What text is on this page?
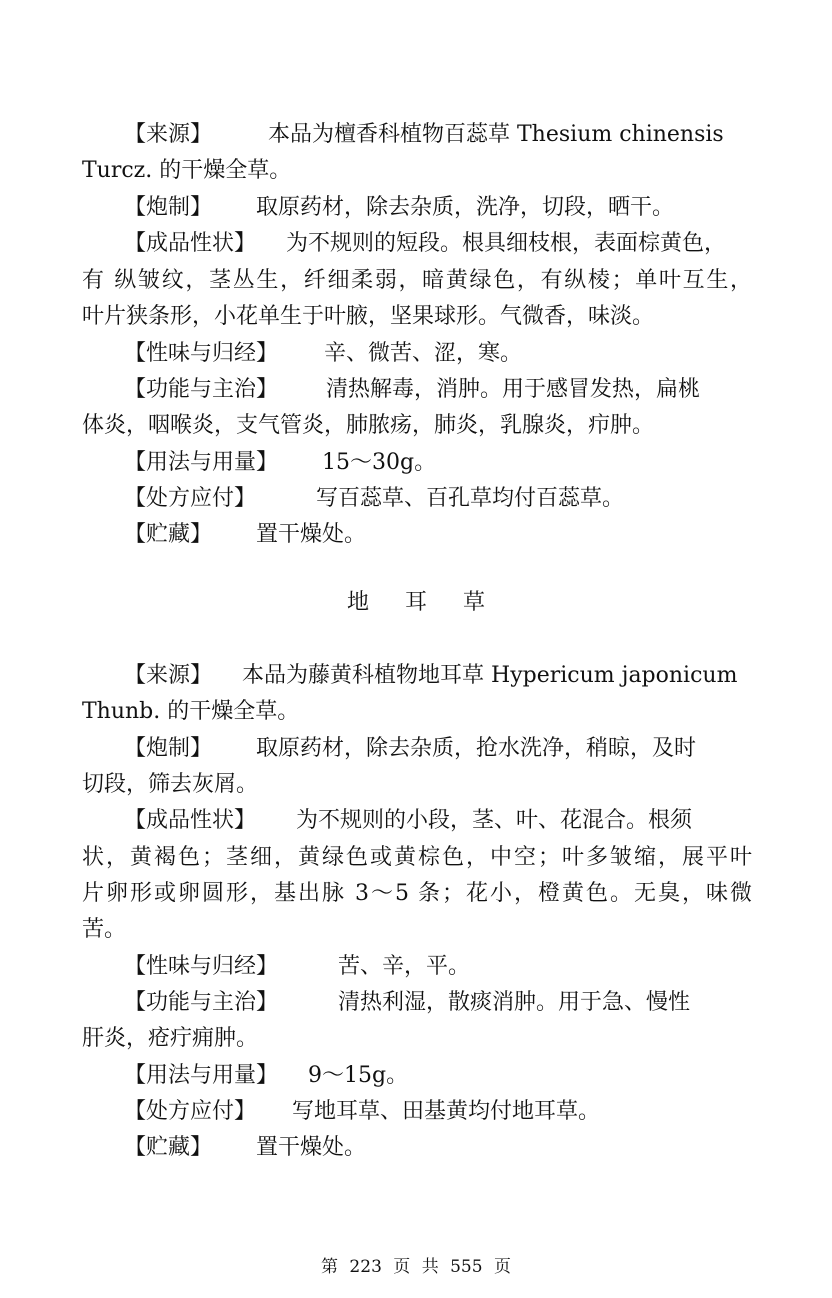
【来源】	本品为檀香科植物百蕊草 Thesium chinensis
Turcz. 的干燥全草。
【炮制】 取原药材，除去杂质，洗净，切段，晒干。
【成品性状】 为不规则的短段。根具细枝根，表面棕黄色，
有 纵皱纹，茎丛生，纤细柔弱，暗黄绿色，有纵棱；单叶互生，
叶片狭条形，小花单生于叶腋，坚果球形。气微香，味淡。
【性味与归经】 辛、微苦、涩，寒。
【功能与主治】 清热解毒，消肿。用于感冒发热，扁桃
体炎，咽喉炎，支气管炎，肺脓疡，肺炎，乳腺炎，疖肿。
【用法与用量】 15～30g。
【处方应付】	写百蕊草、百孔草均付百蕊草。
【贮藏】 置干燥处。
地耳草
【来源】 本品为藤黄科植物地耳草 Hypericum japonicum
Thunb. 的干燥全草。
【炮制】 取原药材，除去杂质，抢水洗净，稍晾，及时
切段，筛去灰屑。
【成品性状】 为不规则的小段，茎、叶、花混合。根须
状，黄褐色；茎细，黄绿色或黄棕色，中空；叶多皱缩，展平叶
片卵形或卵圆形，基出脉 3～5 条；花小，橙黄色。无臭，味微
苦。
【性味与归经】	苦、辛，平。
【功能与主治】	清热利湿，散痰消肿。用于急、慢性
肝炎，疮疔痈肿。
【用法与用量】 9～15g。
【处方应付】 写地耳草、田基黄均付地耳草。
【贮藏】 置干燥处。
第 223 页 共 555 页
